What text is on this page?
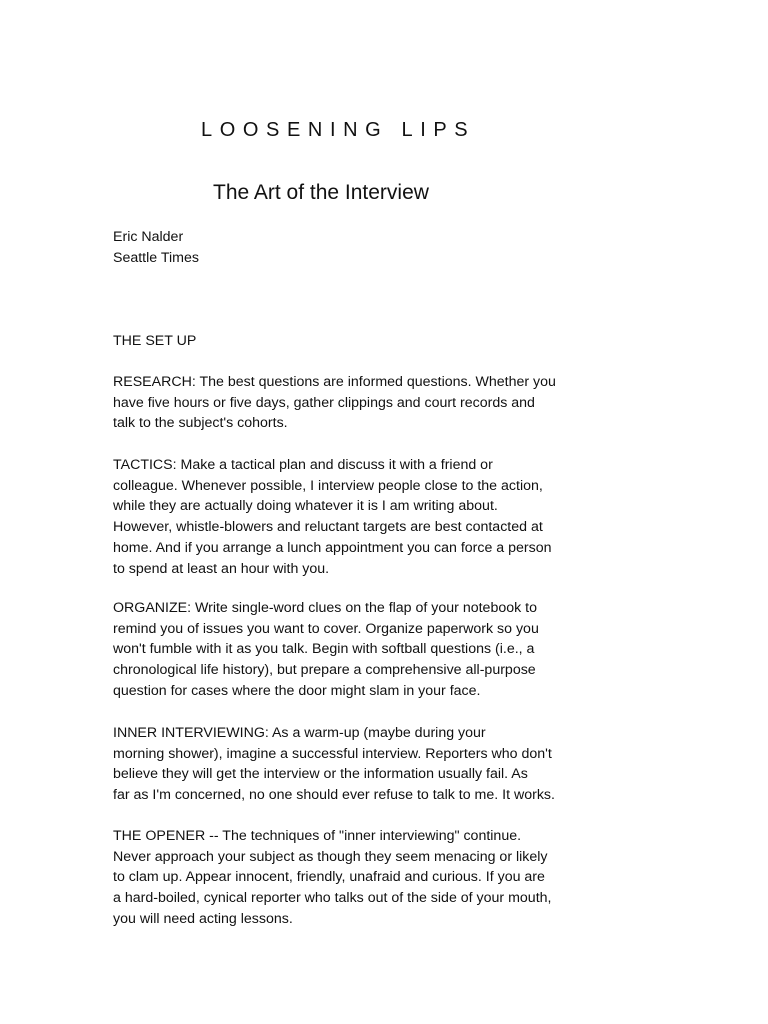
LOOSENING LIPS
The Art of the Interview
Eric Nalder
Seattle Times
THE SET UP

RESEARCH: The best questions are informed questions. Whether you
have five hours or five days, gather clippings and court records and
talk to the subject's cohorts.

TACTICS: Make a tactical plan and discuss it with a friend or
colleague. Whenever possible, I interview people close to the action,
while they are actually doing whatever it is I am writing about.
However, whistle-blowers and reluctant targets are best contacted at
home. And if you arrange a lunch appointment you can force a person
to spend at least an hour with you.

ORGANIZE: Write single-word clues on the flap of your notebook to
remind you of issues you want to cover. Organize paperwork so you
won't fumble with it as you talk. Begin with softball questions (i.e., a
chronological life history), but prepare a comprehensive all-purpose
question for cases where the door might slam in your face.

INNER INTERVIEWING: As a warm-up (maybe during your
morning shower), imagine a successful interview. Reporters who don't
believe they will get the interview or the information usually fail. As
far as I'm concerned, no one should ever refuse to talk to me. It works.

THE OPENER -- The techniques of "inner interviewing" continue.
Never approach your subject as though they seem menacing or likely
to clam up. Appear innocent, friendly, unafraid and curious. If you are
a hard-boiled, cynical reporter who talks out of the side of your mouth,
you will need acting lessons.
